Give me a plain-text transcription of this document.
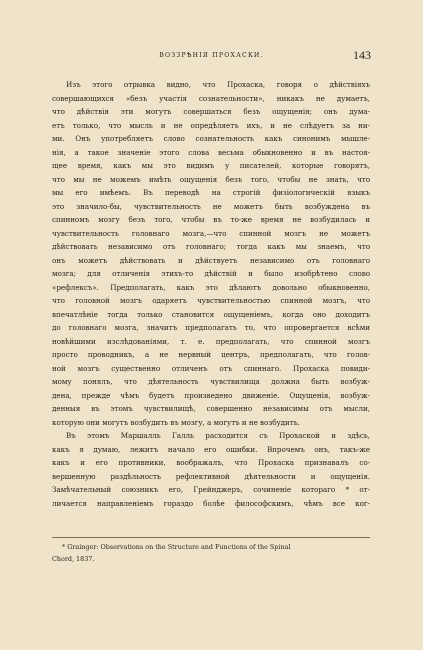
ВОЗЗРѢНІЯ ПРОХАСКИ.	143
Изъ этого отрывка видно, что Прохаска, говоря о дѣйствіяхъ
совершающихся «безъ участія сознательности», никакъ не думаетъ,
что дѣйствія эти могутъ совершаться безъ ощущенія; онъ дума-
етъ только, что мысль и не опредѣляетъ ихъ, и не слѣдуетъ за ни-
ми. Онъ употребляетъ слово сознательность какъ синонимъ мышле-
нія, а такое значеніе этого слова весьма обыкновенно и въ настоя-
щее время, какъ мы это видимъ у писателей, которые говорятъ,
что мы не можемъ имѣть ощущенія безъ того, чтобы не знать, что
мы его имѣемъ. Въ переводѣ на строгій физіологическій языкъ
это значило-бы, чувствительность не можетъ быть возбуждена въ
спинномъ мозгу безъ того, чтобы въ то-же время не возбудилась и
чувствительность головнаго мозга,—что спинной мозгъ не можетъ
дѣйствовать независимо отъ головнаго; тогда какъ мы знаемъ, что
онъ можетъ дѣйствовать и дѣйствуетъ независимо отъ головнаго
мозга; для отличенія этихъ-то дѣйствій и было изобрѣтено слово
«рефлексъ». Предполагать, какъ это дѣлаютъ довольно обыкновенно,
что головной мозгъ одаряетъ чувствительностью спинной мозгъ, что
впечатлѣніе тогда только становится ощущеніемъ, когда оно доходитъ
до головнаго мозга, значитъ предполагать то, что опровергается всѣми
новѣйшими изслѣдованіями, т. е. предполагать, что спинной мозгъ
просто проводникъ, а не нервный центръ, предполагать, что голов-
ной мозгъ существенно отличенъ отъ спиннаго. Прохаска повиди-
мому понялъ, что дѣятельность чувствилища должна быть возбуж-
дена, прежде чѣмъ будетъ произведено движеніе. Ощущенія, возбуж-
денныя въ этомъ чувствилищѣ, совершенно независимы отъ мысли,
которую они могутъ возбудить въ мозгу, а могутъ и не возбудить.
Въ этомъ Маршалль Галль расходится съ Прохаской и здѣсь,
какъ я думаю, лежитъ начало его ошибки. Впрочемъ онъ, такъ-же
какъ и его противники, воображалъ, что Прохаска признавалъ со-
вершенную раздѣльность рефлективной дѣятельности и ощущенія.
Замѣчательный союзникъ его, Грейнджеръ, сочиненіе котораго * от-
личается направленіемъ гораздо болѣе философскимъ, чѣмъ все ког-
* Grainger: Observations on the Structure and Functions of the Spinal
Chord, 1837.
